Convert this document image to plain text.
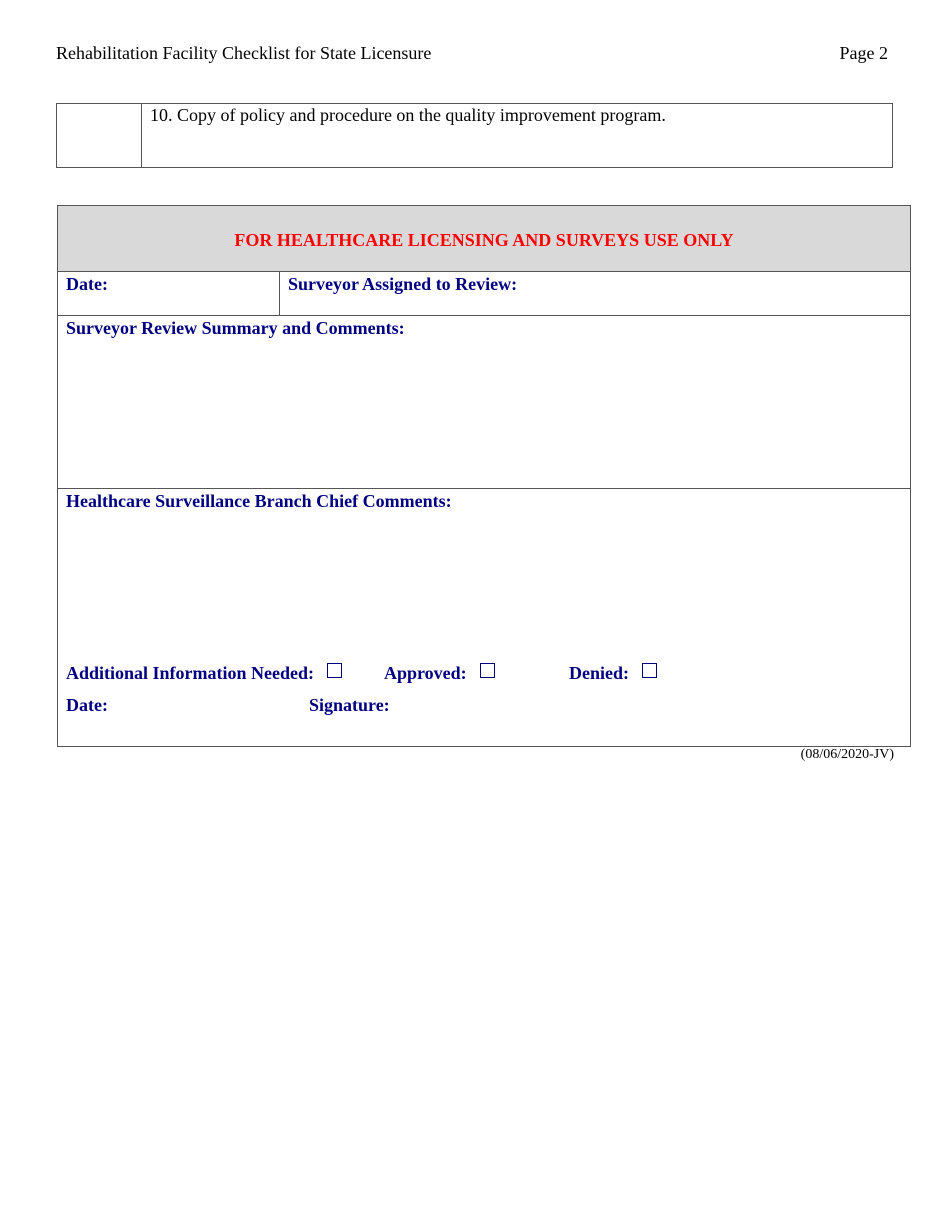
Rehabilitation Facility Checklist for State Licensure	Page 2
10. Copy of policy and procedure on the quality improvement program.
FOR HEALTHCARE LICENSING AND SURVEYS USE ONLY
Date:	Surveyor Assigned to Review:
Surveyor Review Summary and Comments:
Healthcare Surveillance Branch Chief Comments:
Additional Information Needed:	Approved:	Denied:
Date:	Signature:
(08/06/2020-JV)
